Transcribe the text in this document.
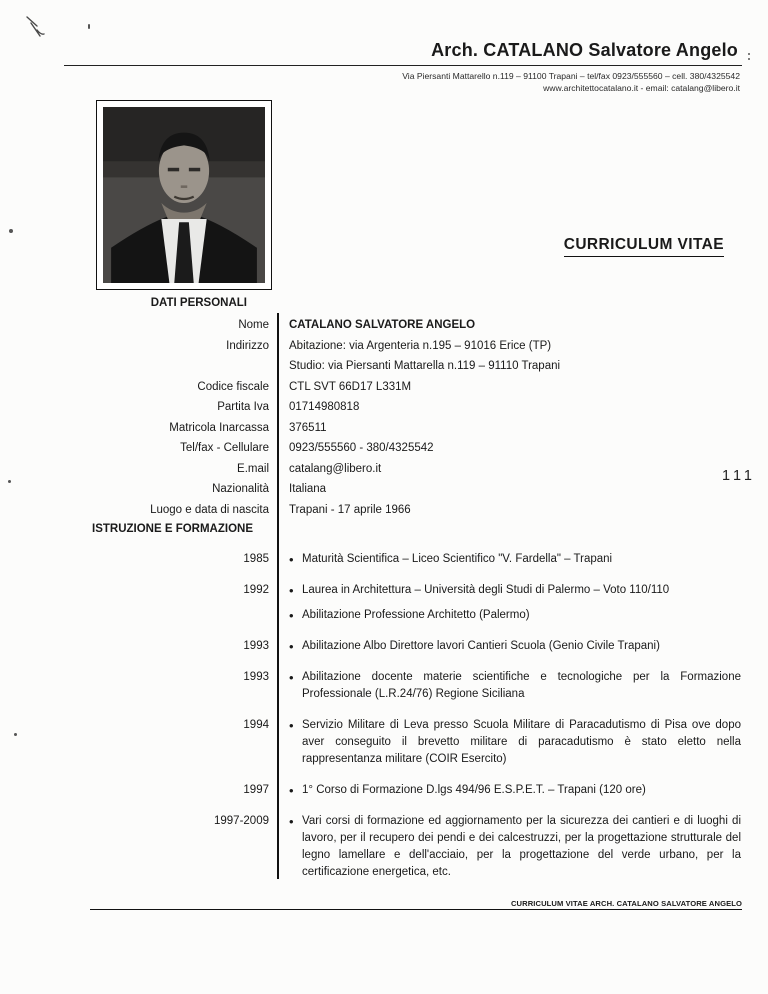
Arch. CATALANO Salvatore Angelo
Via Piersanti Mattarello n.119 – 91100 Trapani – tel/fax 0923/555560 – cell. 380/4325542
www.architettocatalano.it - email: catalang@libero.it
CURRICULUM VITAE
111
DATI PERSONALI
Nome	CATALANO SALVATORE ANGELO
Indirizzo	Abitazione: via Argenteria n.195 – 91016 Erice (TP)
Studio: via Piersanti Mattarella n.119 – 91110 Trapani
Codice fiscale	CTL SVT 66D17 L331M
Partita Iva	01714980818
Matricola Inarcassa	376511
Tel/fax - Cellulare	0923/555560 - 380/4325542
E.mail	catalang@libero.it
Nazionalità	Italiana
Luogo e data di nascita	Trapani - 17 aprile 1966
ISTRUZIONE E FORMAZIONE
1985	• Maturità Scientifica – Liceo Scientifico "V. Fardella" – Trapani
1992	• Laurea in Architettura – Università degli Studi di Palermo – Voto 110/110
• Abilitazione Professione Architetto (Palermo)
1993	• Abilitazione Albo Direttore lavori Cantieri Scuola (Genio Civile Trapani)
1993	• Abilitazione docente materie scientifiche e tecnologiche per la Formazione Professionale (L.R.24/76) Regione Siciliana
1994	• Servizio Militare di Leva presso Scuola Militare di Paracadutismo di Pisa ove dopo aver conseguito il brevetto militare di paracadutismo è stato eletto nella rappresentanza militare (COIR Esercito)
1997	• 1° Corso di Formazione D.lgs 494/96 E.S.P.E.T. – Trapani (120 ore)
1997-2009	• Vari corsi di formazione ed aggiornamento per la sicurezza dei cantieri e di luoghi di lavoro, per il recupero dei pendi e dei calcestruzzi, per la progettazione strutturale del legno lamellare e dell'acciaio, per la progettazione del verde urbano, per la certificazione energetica, etc.
CURRICULUM VITAE ARCH. CATALANO SALVATORE ANGELO
